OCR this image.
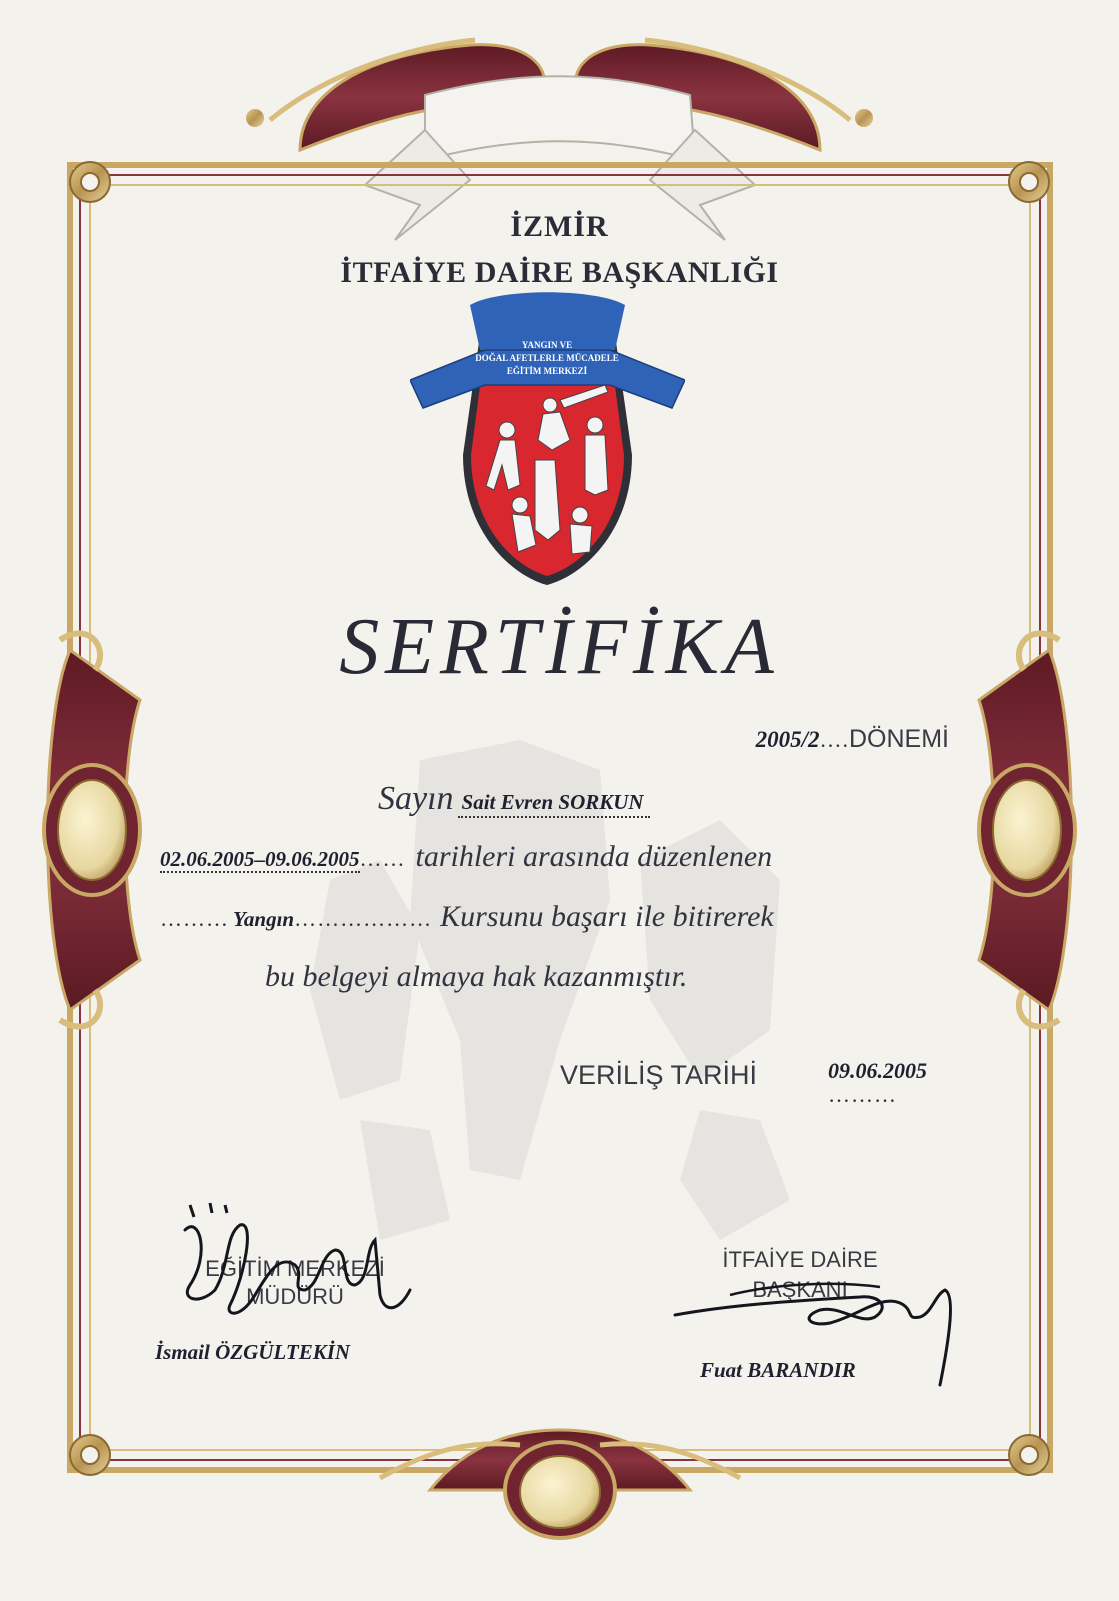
İZMİR
İTFAİYE DAİRE BAŞKANLIĞI
YANGIN VE
DOĞAL AFETLERLE MÜCADELE
EĞİTİM MERKEZİ
SERTİFİKA
2005/2….DÖNEMİ
Sayın Sait Evren SORKUN
02.06.2005–09.06.2005…… tarihleri arasında düzenlenen
……… Yangın……………… Kursunu başarı ile bitirerek
bu belgeyi almaya hak kazanmıştır.
VERİLİŞ TARİHİ	09.06.2005
………
EĞİTİM MERKEZİ
MÜDÜRÜ
İsmail ÖZGÜLTEKİN
İTFAİYE DAİRE
BAŞKANI
Fuat BARANDIR
